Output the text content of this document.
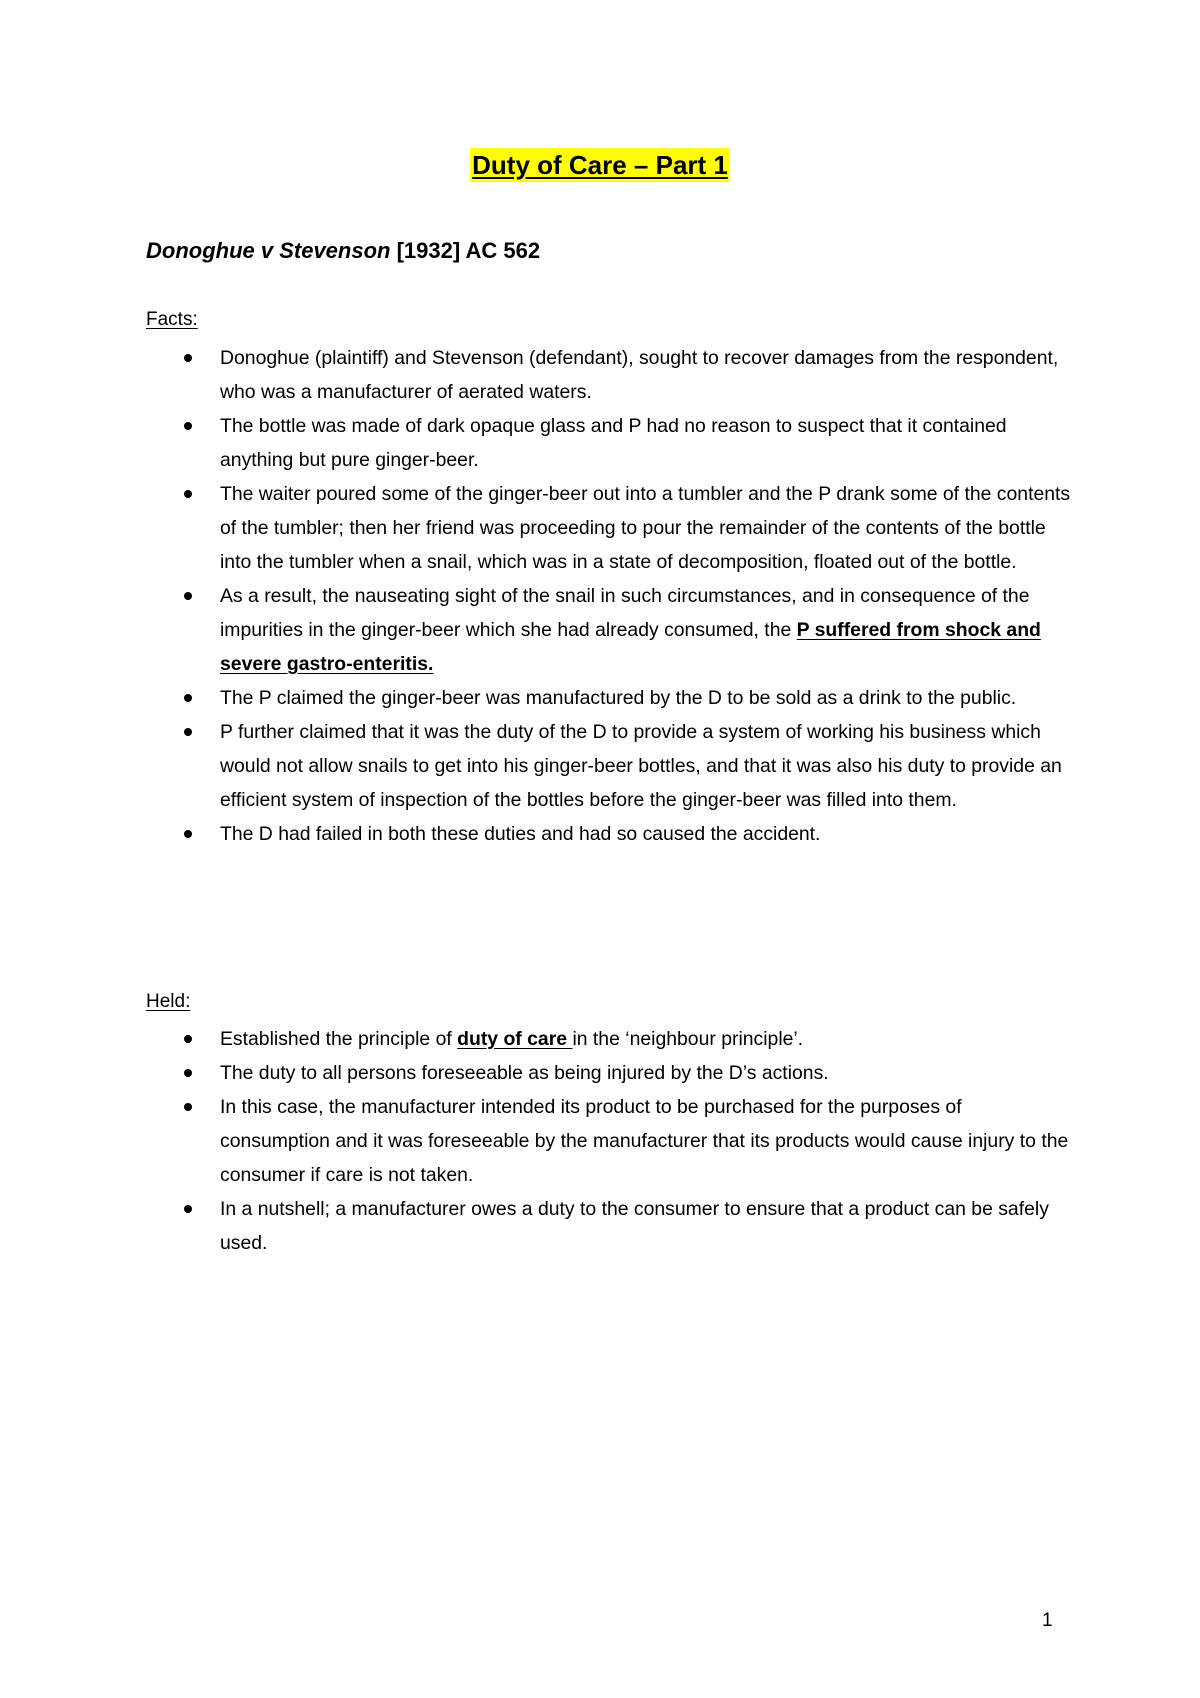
Duty of Care – Part 1
Donoghue v Stevenson [1932] AC 562
Facts:
Donoghue (plaintiff) and Stevenson (defendant), sought to recover damages from the respondent, who was a manufacturer of aerated waters.
The bottle was made of dark opaque glass and P had no reason to suspect that it contained anything but pure ginger-beer.
The waiter poured some of the ginger-beer out into a tumbler and the P drank some of the contents of the tumbler; then her friend was proceeding to pour the remainder of the contents of the bottle into the tumbler when a snail, which was in a state of decomposition, floated out of the bottle.
As a result, the nauseating sight of the snail in such circumstances, and in consequence of the impurities in the ginger-beer which she had already consumed, the P suffered from shock and severe gastro-enteritis.
The P claimed the ginger-beer was manufactured by the D to be sold as a drink to the public.
P further claimed that it was the duty of the D to provide a system of working his business which would not allow snails to get into his ginger-beer bottles, and that it was also his duty to provide an efficient system of inspection of the bottles before the ginger-beer was filled into them.
The D had failed in both these duties and had so caused the accident.
Held:
Established the principle of duty of care in the ‘neighbour principle’.
The duty to all persons foreseeable as being injured by the D’s actions.
In this case, the manufacturer intended its product to be purchased for the purposes of consumption and it was foreseeable by the manufacturer that its products would cause injury to the consumer if care is not taken.
In a nutshell; a manufacturer owes a duty to the consumer to ensure that a product can be safely used.
1
